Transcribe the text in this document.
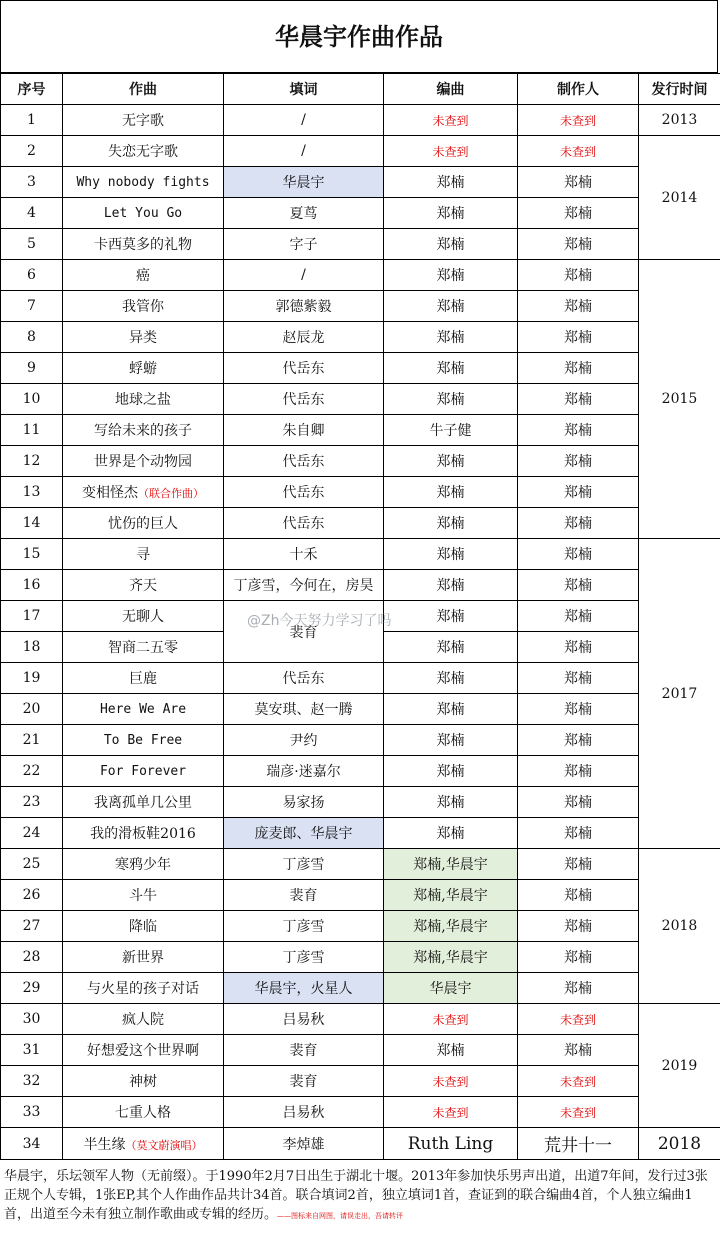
华晨宇作曲作品
序号	作曲	填词	编曲	制作人	发行时间
1	无字歌	/	未查到	未查到	2013
2	失恋无字歌	/	未查到	未查到	2014
3	Why nobody fights	华晨宇	郑楠	郑楠	
4	Let You Go	夏茑	郑楠	郑楠	
5	卡西莫多的礼物	字子	郑楠	郑楠	
6	癌	/	郑楠	郑楠	2015
7	我管你	郭德紫毅	郑楠	郑楠	
8	异类	赵辰龙	郑楠	郑楠	
9	蜉蝣	代岳东	郑楠	郑楠	
10	地球之盐	代岳东	郑楠	郑楠	
11	写给未来的孩子	朱自卿	牛子健	郑楠	
12	世界是个动物园	代岳东	郑楠	郑楠	
13	变相怪杰（联合作曲）	代岳东	郑楠	郑楠	
14	忧伤的巨人	代岳东	郑楠	郑楠	
15	寻	十禾	郑楠	郑楠	2017
16	齐天	丁彦雪，今何在，房昊	郑楠	郑楠	
17	无聊人	裴育	郑楠	郑楠	
18	智商二五零		郑楠	郑楠	
19	巨鹿	代岳东	郑楠	郑楠	
20	Here We Are	莫安琪、赵一腾	郑楠	郑楠	
21	To Be Free	尹约	郑楠	郑楠	
22	For Forever	瑞彦·迷嘉尔	郑楠	郑楠	
23	我离孤单几公里	易家扬	郑楠	郑楠	
24	我的滑板鞋2016	庞麦郎、华晨宇	郑楠	郑楠	
25	寒鸦少年	丁彦雪	郑楠,华晨宇	郑楠	2018
26	斗牛	裴育	郑楠,华晨宇	郑楠	
27	降临	丁彦雪	郑楠,华晨宇	郑楠	
28	新世界	丁彦雪	郑楠,华晨宇	郑楠	
29	与火星的孩子对话	华晨宇，火星人	华晨宇	郑楠	
30	疯人院	吕易秋	未查到	未查到	2019
31	好想爱这个世界啊	裴育	郑楠	郑楠	
32	神树	裴育	未查到	未查到	
33	七重人格	吕易秋	未查到	未查到	
34	半生缘（莫文蔚演唱）	李焯雄	Ruth Ling	荒井十一	2018
@Zh今天努力学习了吗
华晨宇，乐坛领军人物（无前缀）。于1990年2月7日出生于湖北十堰。2013年参加快乐男声出道，出道7年间，发行过3张正规个人专辑，1张EP,其个人作曲作品共计34首。联合填词2首，独立填词1首，查证到的联合编曲4首，个人独立编曲1首，出道至今未有独立制作歌曲或专辑的经历。——图标来自网图，请误走出，吾请转评
